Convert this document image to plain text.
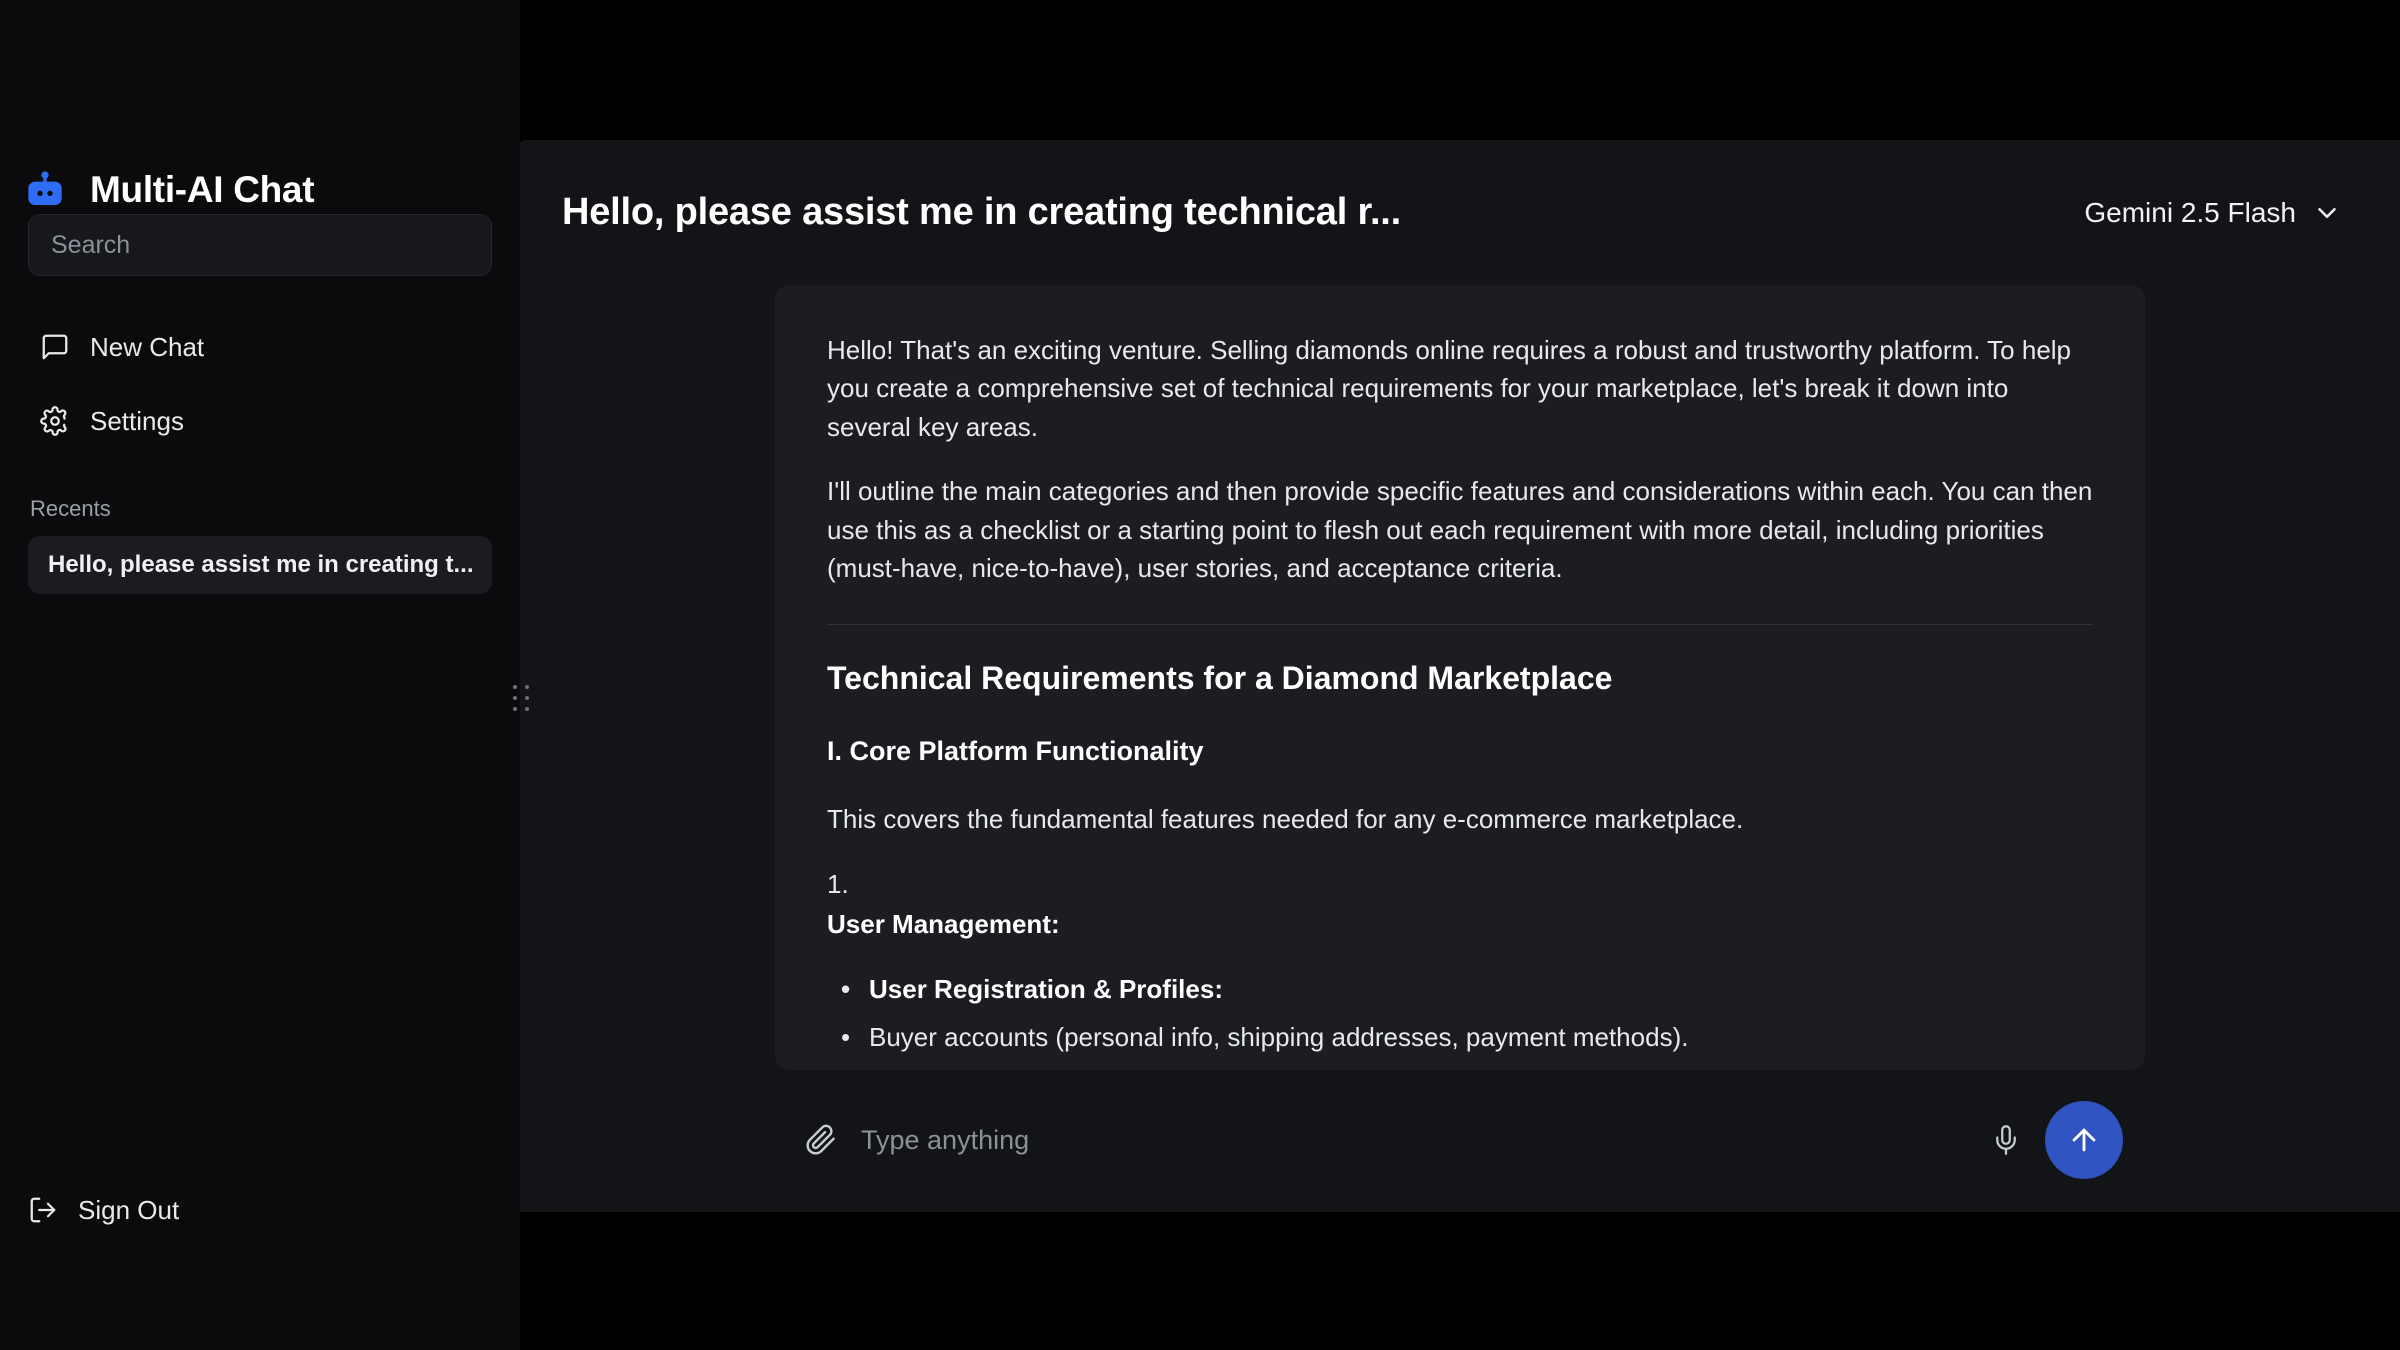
Multi-AI Chat
Search
New Chat
Settings
Recents
Hello, please assist me in creating t...
Sign Out
Hello, please assist me in creating technical r...	Gemini 2.5 Flash

Hello! That's an exciting venture. Selling diamonds online requires a robust and trustworthy platform. To help you create a comprehensive set of technical requirements for your marketplace, let's break it down into several key areas.

I'll outline the main categories and then provide specific features and considerations within each. You can then use this as a checklist or a starting point to flesh out each requirement with more detail, including priorities (must-have, nice-to-have), user stories, and acceptance criteria.

Technical Requirements for a Diamond Marketplace
I. Core Platform Functionality

This covers the fundamental features needed for any e-commerce marketplace.

1.
User Management:
• User Registration & Profiles:
• Buyer accounts (personal info, shipping addresses, payment methods).
•
Type anything
